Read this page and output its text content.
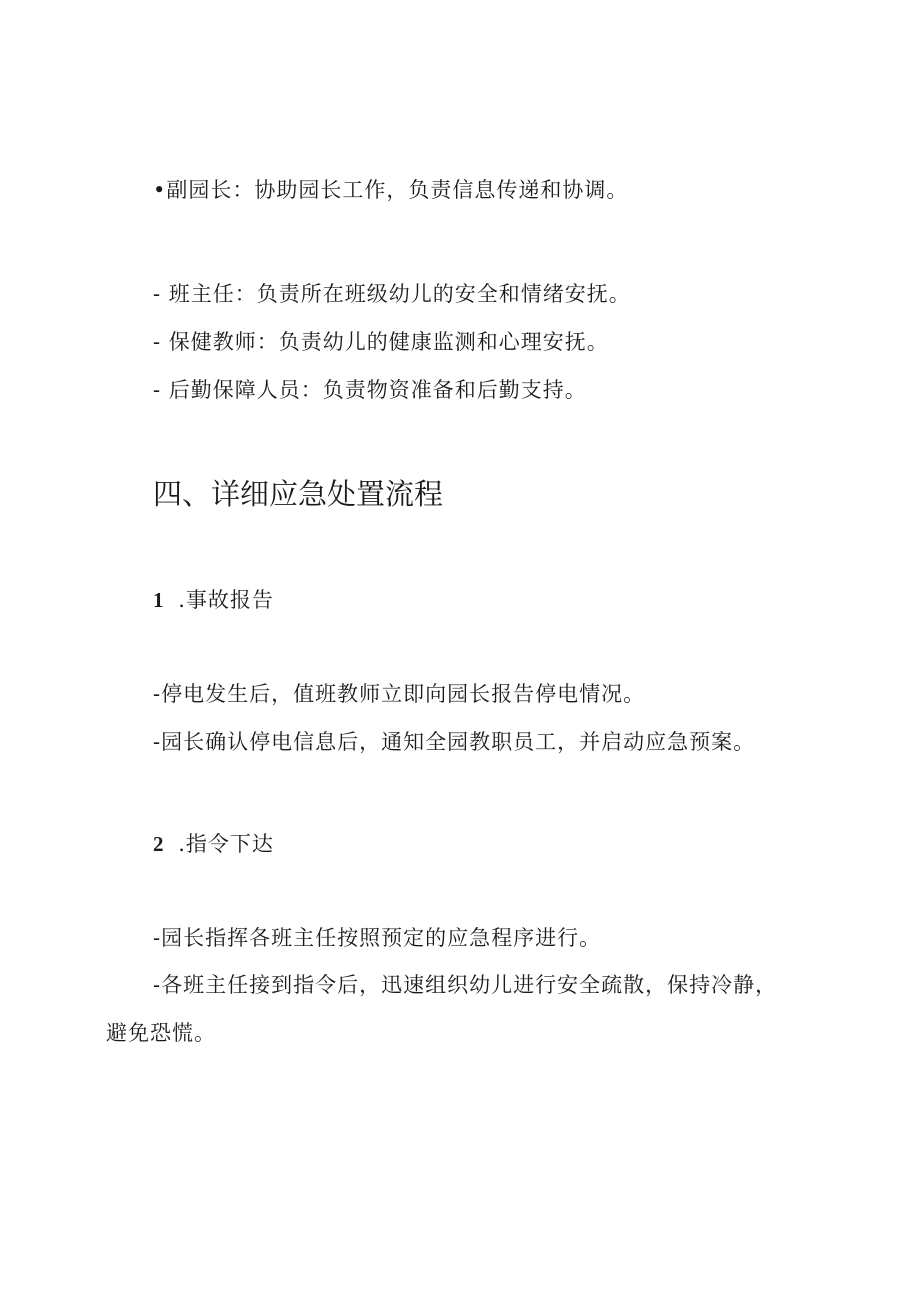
•副园长：协助园长工作，负责信息传递和协调。
- 班主任：负责所在班级幼儿的安全和情绪安抚。
- 保健教师：负责幼儿的健康监测和心理安抚。
- 后勤保障人员：负责物资准备和后勤支持。
四、详细应急处置流程
1 .事故报告
-停电发生后，值班教师立即向园长报告停电情况。
-园长确认停电信息后，通知全园教职员工，并启动应急预案。
2 .指令下达
-园长指挥各班主任按照预定的应急程序进行。
-各班主任接到指令后，迅速组织幼儿进行安全疏散，保持冷静，
避免恐慌。
